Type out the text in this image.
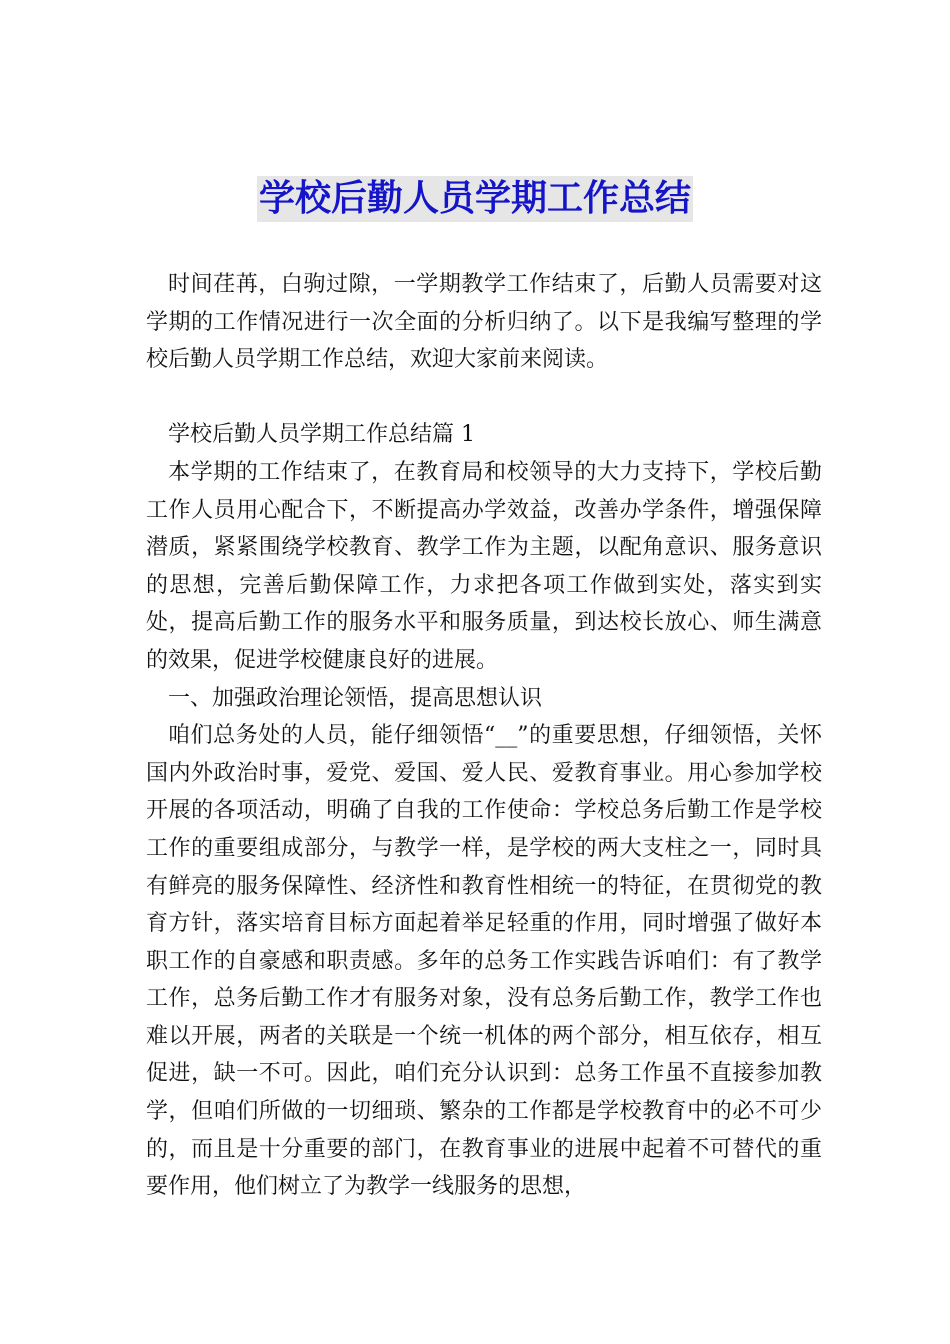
学校后勤人员学期工作总结

时间荏苒，白驹过隙，一学期教学工作结束了，后勤人员需要对这学期的工作情况进行一次全面的分析归纳了。以下是我编写整理的学校后勤人员学期工作总结，欢迎大家前来阅读。

学校后勤人员学期工作总结篇 1

本学期的工作结束了，在教育局和校领导的大力支持下，学校后勤工作人员用心配合下，不断提高办学效益，改善办学条件，增强保障潜质，紧紧围绕学校教育、教学工作为主题，以配角意识、服务意识的思想，完善后勤保障工作，力求把各项工作做到实处，落实到实处，提高后勤工作的服务水平和服务质量，到达校长放心、师生满意的效果，促进学校健康良好的进展。

一、加强政治理论领悟，提高思想认识

咱们总务处的人员，能仔细领悟“__”的重要思想，仔细领悟，关怀国内外政治时事，爱党、爱国、爱人民、爱教育事业。用心参加学校开展的各项活动，明确了自我的工作使命：学校总务后勤工作是学校工作的重要组成部分，与教学一样，是学校的两大支柱之一，同时具有鲜亮的服务保障性、经济性和教育性相统一的特征，在贯彻党的教育方针，落实培育目标方面起着举足轻重的作用，同时增强了做好本职工作的自豪感和职责感。多年的总务工作实践告诉咱们：有了教学工作，总务后勤工作才有服务对象，没有总务后勤工作，教学工作也难以开展，两者的关联是一个统一机体的两个部分，相互依存，相互促进，缺一不可。因此，咱们充分认识到：总务工作虽不直接参加教学，但咱们所做的一切细琐、繁杂的工作都是学校教育中的必不可少的，而且是十分重要的部门，在教育事业的进展中起着不可替代的重要作用，他们树立了为教学一线服务的思想，
